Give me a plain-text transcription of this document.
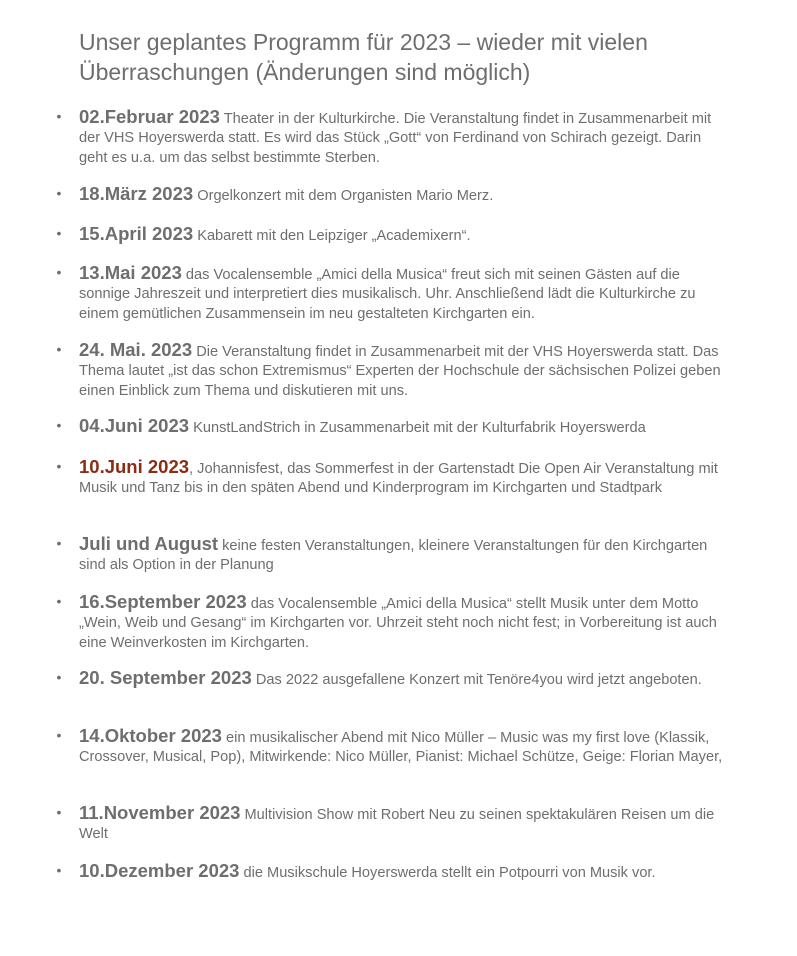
Unser geplantes Programm für 2023 – wieder mit vielen Überraschungen (Änderungen sind möglich)
• 02.Februar 2023 Theater in der Kulturkirche. Die Veranstaltung findet in Zusammenarbeit mit der VHS Hoyerswerda statt. Es wird das Stück „Gott“ von Ferdinand von Schirach gezeigt. Darin geht es u.a. um das selbst bestimmte Sterben.
• 18.März 2023 Orgelkonzert mit dem Organisten Mario Merz.
• 15.April 2023 Kabarett mit den Leipziger „Academixern“.
• 13.Mai 2023 das Vocalensemble „Amici della Musica“ freut sich mit seinen Gästen auf die sonnige Jahreszeit und interpretiert dies musikalisch. Uhr. Anschließend lädt die Kulturkirche zu einem gemütlichen Zusammensein im neu gestalteten Kirchgarten ein.
• 24. Mai. 2023 Die Veranstaltung findet in Zusammenarbeit mit der VHS Hoyerswerda statt. Das Thema lautet „ist das schon Extremismus“ Experten der Hochschule der sächsischen Polizei geben einen Einblick zum Thema und diskutieren mit uns.
• 04.Juni 2023 KunstLandStrich in Zusammenarbeit mit der Kulturfabrik Hoyerswerda
• 10.Juni 2023, Johannisfest, das Sommerfest in der Gartenstadt Die Open Air Veranstaltung mit Musik und Tanz bis in den späten Abend und Kinderprogram im Kirchgarten und Stadtpark
• Juli und August keine festen Veranstaltungen, kleinere Veranstaltungen für den Kirchgarten sind als Option in der Planung
• 16.September 2023 das Vocalensemble „Amici della Musica“ stellt Musik unter dem Motto „Wein, Weib und Gesang“ im Kirchgarten vor. Uhrzeit steht noch nicht fest; in Vorbereitung ist auch eine Weinverkosten im Kirchgarten.
• 20. September 2023 Das 2022 ausgefallene Konzert mit Tenöre4you wird jetzt angeboten.
• 14.Oktober 2023 ein musikalischer Abend mit Nico Müller – Music was my first love (Klassik, Crossover, Musical, Pop), Mitwirkende: Nico Müller, Pianist: Michael Schütze, Geige: Florian Mayer,
• 11.November 2023 Multivision Show mit Robert Neu zu seinen spektakulären Reisen um die Welt
• 10.Dezember 2023 die Musikschule Hoyerswerda stellt ein Potpourri von Musik vor.
